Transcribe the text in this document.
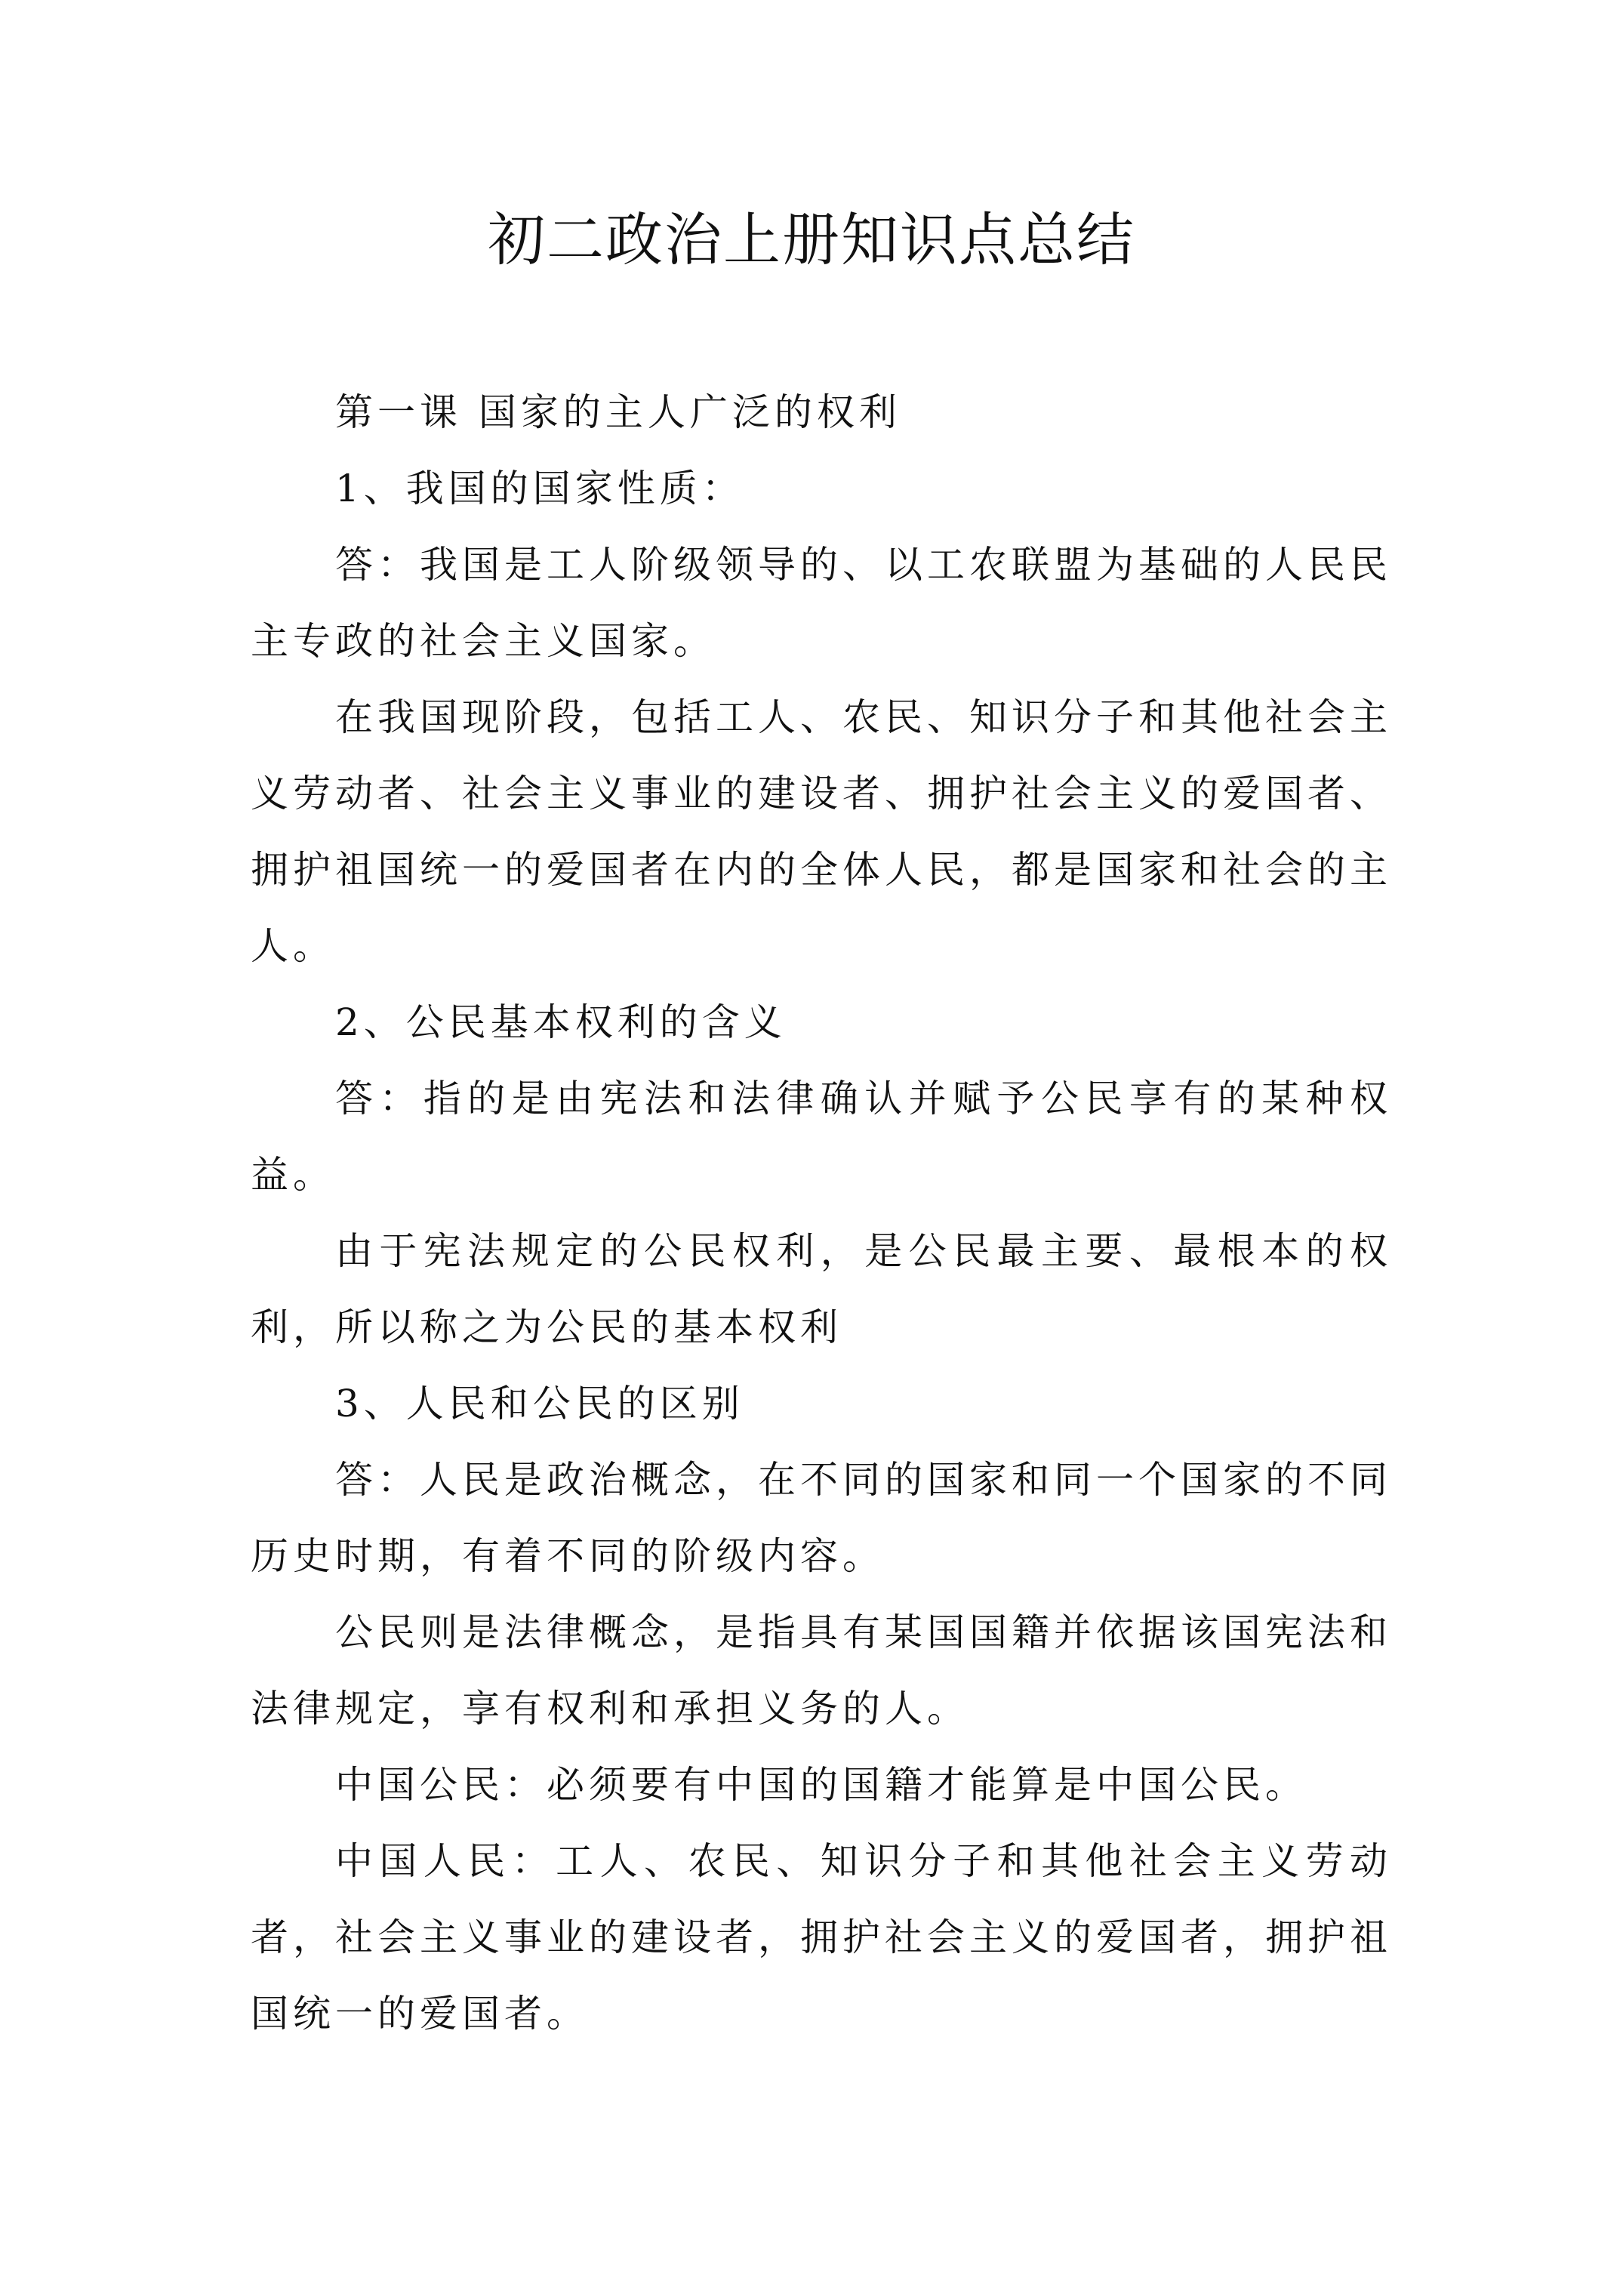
初二政治上册知识点总结

第一课 国家的主人广泛的权利

1、我国的国家性质：

答：我国是工人阶级领导的、以工农联盟为基础的人民民主专政的社会主义国家。

在我国现阶段，包括工人、农民、知识分子和其他社会主义劳动者、社会主义事业的建设者、拥护社会主义的爱国者、拥护祖国统一的爱国者在内的全体人民，都是国家和社会的主人。

2、公民基本权利的含义

答：指的是由宪法和法律确认并赋予公民享有的某种权益。

由于宪法规定的公民权利，是公民最主要、最根本的权利，所以称之为公民的基本权利

3、人民和公民的区别

答：人民是政治概念，在不同的国家和同一个国家的不同历史时期，有着不同的阶级内容。

公民则是法律概念，是指具有某国国籍并依据该国宪法和法律规定，享有权利和承担义务的人。

中国公民：必须要有中国的国籍才能算是中国公民。

中国人民：工人、农民、知识分子和其他社会主义劳动者，社会主义事业的建设者，拥护社会主义的爱国者，拥护祖国统一的爱国者。
